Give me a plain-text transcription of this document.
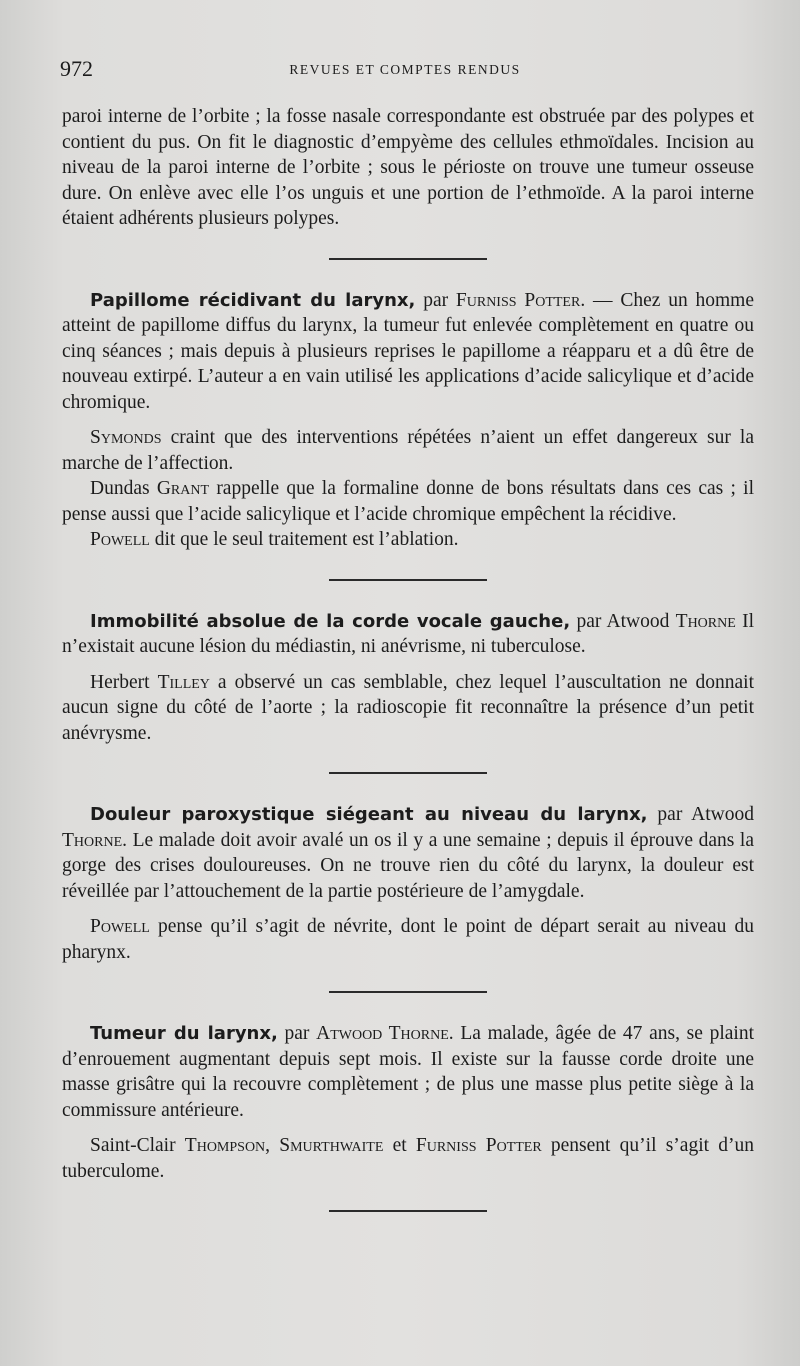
972	REVUES ET COMPTES RENDUS

paroi interne de l’orbite ; la fosse nasale correspondante est obstruée par des polypes et contient du pus. On fit le diagnostic d’empyème des cellules ethmoïdales. Incision au niveau de la paroi interne de l’orbite ; sous le périoste on trouve une tumeur osseuse dure. On enlève avec elle l’os unguis et une portion de l’ethmoïde. A la paroi interne étaient adhérents plusieurs polypes.

Papillome récidivant du larynx, par Furniss Potter. — Chez un homme atteint de papillome diffus du larynx, la tumeur fut enlevée complètement en quatre ou cinq séances ; mais depuis à plusieurs reprises le papillome a réapparu et a dû être de nouveau extirpé. L’auteur a en vain utilisé les applications d’acide salicylique et d’acide chromique.

Symonds craint que des interventions répétées n’aient un effet dangereux sur la marche de l’affection.

Dundas Grant rappelle que la formaline donne de bons résultats dans ces cas ; il pense aussi que l’acide salicylique et l’acide chromique empêchent la récidive.

Powell dit que le seul traitement est l’ablation.

Immobilité absolue de la corde vocale gauche, par Atwood Thorne Il n’existait aucune lésion du médiastin, ni anévrisme, ni tuberculose.

Herbert Tilley a observé un cas semblable, chez lequel l’auscultation ne donnait aucun signe du côté de l’aorte ; la radioscopie fit reconnaître la présence d’un petit anévrysme.

Douleur paroxystique siégeant au niveau du larynx, par Atwood Thorne. Le malade doit avoir avalé un os il y a une semaine ; depuis il éprouve dans la gorge des crises douloureuses. On ne trouve rien du côté du larynx, la douleur est réveillée par l’attouchement de la partie postérieure de l’amygdale.

Powell pense qu’il s’agit de névrite, dont le point de départ serait au niveau du pharynx.

Tumeur du larynx, par Atwood Thorne. La malade, âgée de 47 ans, se plaint d’enrouement augmentant depuis sept mois. Il existe sur la fausse corde droite une masse grisâtre qui la recouvre complètement ; de plus une masse plus petite siège à la commissure antérieure.

Saint-Clair Thompson, Smurthwaite et Furniss Potter pensent qu’il s’agit d’un tuberculome.
